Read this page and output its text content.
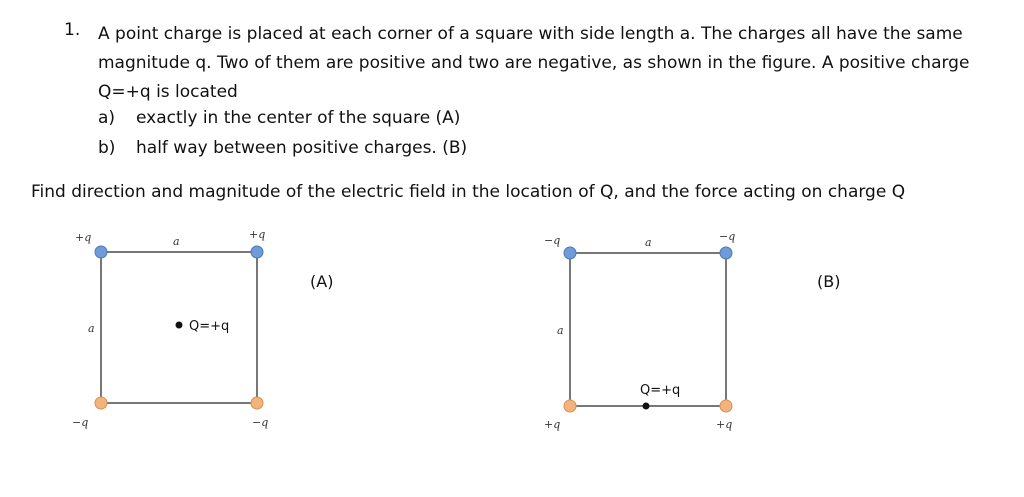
1. A point charge is placed at each corner of a square with side length a. The charges all have the same magnitude q. Two of them are positive and two are negative, as shown in the figure. A positive charge Q=+q is located
a) exactly in the center of the square (A)
b) half way between positive charges. (B)
Find direction and magnitude of the electric field in the location of Q, and the force acting on charge Q
(A)	(B)
+q	+q
−q	−q
a
a	Q=+q
−q	−q
+q	+q
a
a
Q=+q
